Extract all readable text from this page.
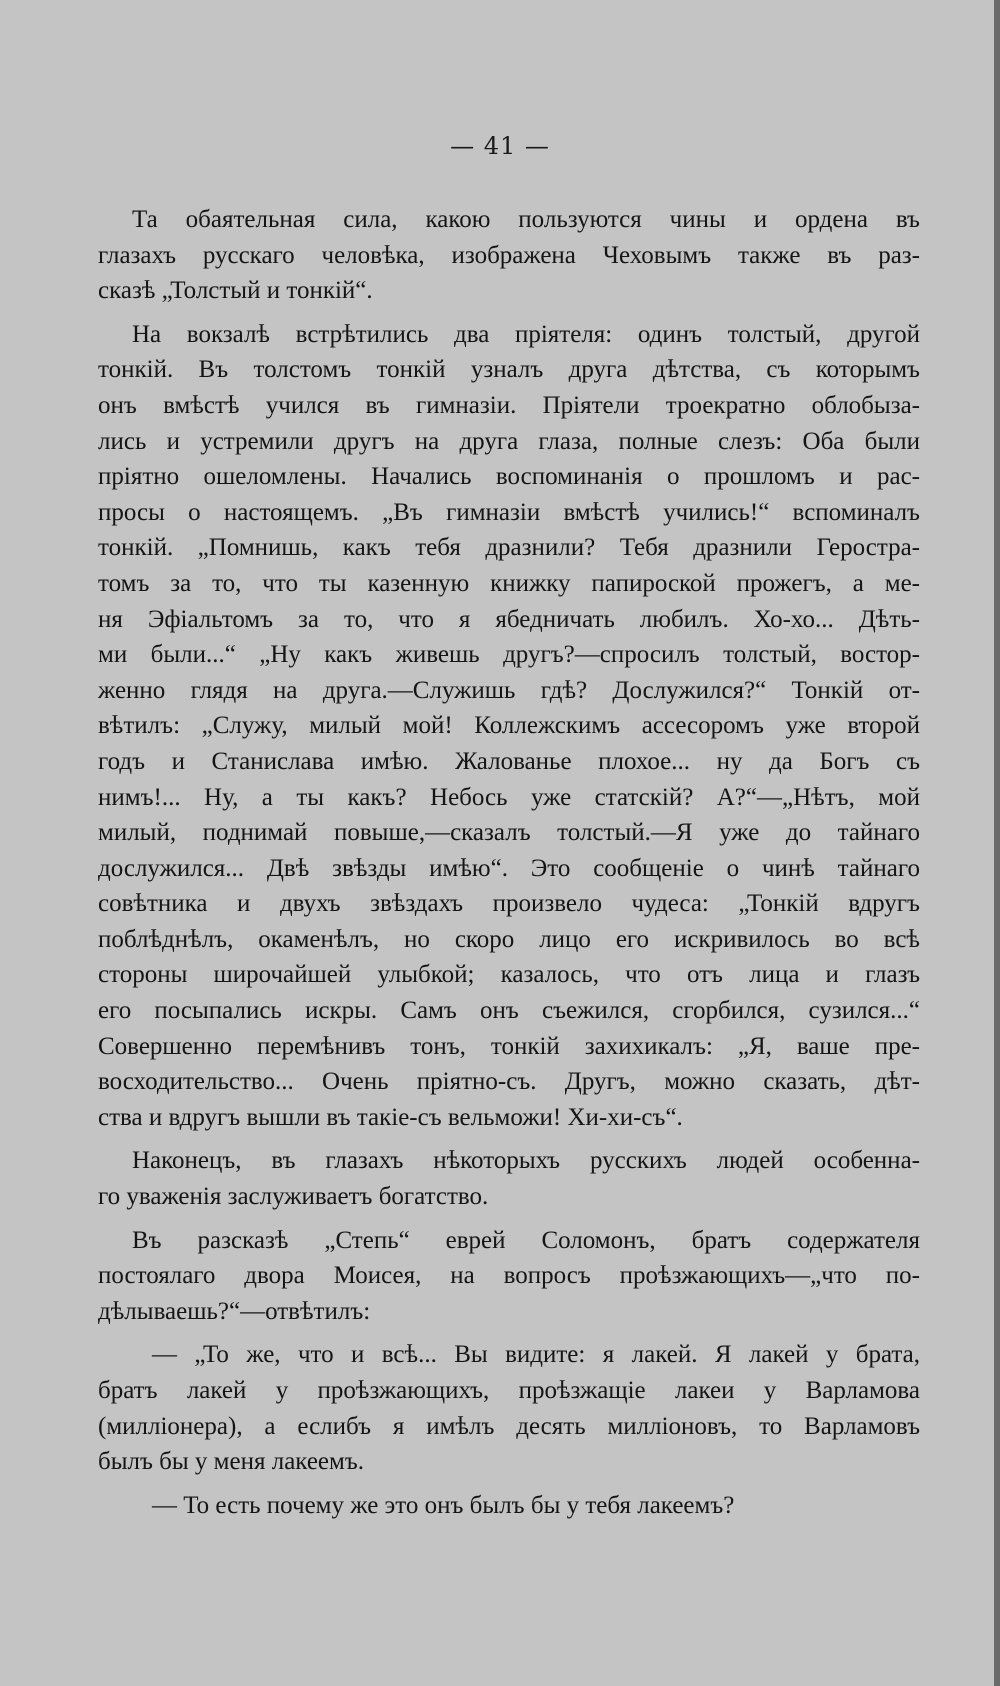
— 41 —
Та обаятельная сила, какою пользуются чины и ордена въ
глазахъ русскаго человѣка, изображена Чеховымъ также въ раз-
сказѣ „Толстый и тонкій“.
На вокзалѣ встрѣтились два пріятеля: одинъ толстый, другой
тонкій. Въ толстомъ тонкій узналъ друга дѣтства, съ которымъ
онъ вмѣстѣ учился въ гимназіи. Пріятели троекратно облобыза-
лись и устремили другъ на друга глаза, полные слезъ: Оба были
пріятно ошеломлены. Начались воспоминанія о прошломъ и рас-
просы о настоящемъ. „Въ гимназіи вмѣстѣ учились!“ вспоминалъ
тонкій. „Помнишь, какъ тебя дразнили? Тебя дразнили Герострa-
томъ за то, что ты казенную книжку папироской прожегъ, а ме-
ня Эфіальтомъ за то, что я ябедничать любилъ. Хо-хо... Дѣть-
ми были...“ „Ну какъ живешь другъ?—спросилъ толстый, востор-
женно глядя на друга.—Служишь гдѣ? Дослужился?“ Тонкій от-
вѣтилъ: „Служу, милый мой! Коллежскимъ ассесоромъ уже второй
годъ и Станислава имѣю. Жалованье плохое... ну да Богъ съ
нимъ!... Ну, а ты какъ? Небось уже статскій? А?“—„Нѣтъ, мой
милый, поднимай повыше,—сказалъ толстый.—Я уже до тайнаго
дослужился... Двѣ звѣзды имѣю“. Это сообщеніе о чинѣ тайнаго
совѣтника и двухъ звѣздахъ произвело чудеса: „Тонкій вдругъ
поблѣднѣлъ, окаменѣлъ, но скоро лицо его искривилось во всѣ
стороны широчайшей улыбкой; казалось, что отъ лица и глазъ
его посыпались искры. Самъ онъ съежился, сгорбился, сузился...“
Совершенно перемѣнивъ тонъ, тонкій захихикалъ: „Я, ваше пре-
восходительство... Очень пріятно-съ. Другъ, можно сказать, дѣт-
ства и вдругъ вышли въ такіе-съ вельможи! Хи-хи-съ“.
Наконецъ, въ глазахъ нѣкоторыхъ русскихъ людей особенна-
го уваженія заслуживаетъ богатство.
Въ разсказѣ „Степь“ еврей Соломонъ, братъ содержателя
постоялаго двора Моисея, на вопросъ проѣзжающихъ—„что по-
дѣлываешь?“—отвѣтилъ:
— „То же, что и всѣ... Вы видите: я лакей. Я лакей у брата,
братъ лакей у проѣзжающихъ, проѣзжащіе лакеи у Варламова
(милліонера), а еслибъ я имѣлъ десять милліоновъ, то Варламовъ
былъ бы у меня лакеемъ.
— То есть почему же это онъ былъ бы у тебя лакеемъ?
